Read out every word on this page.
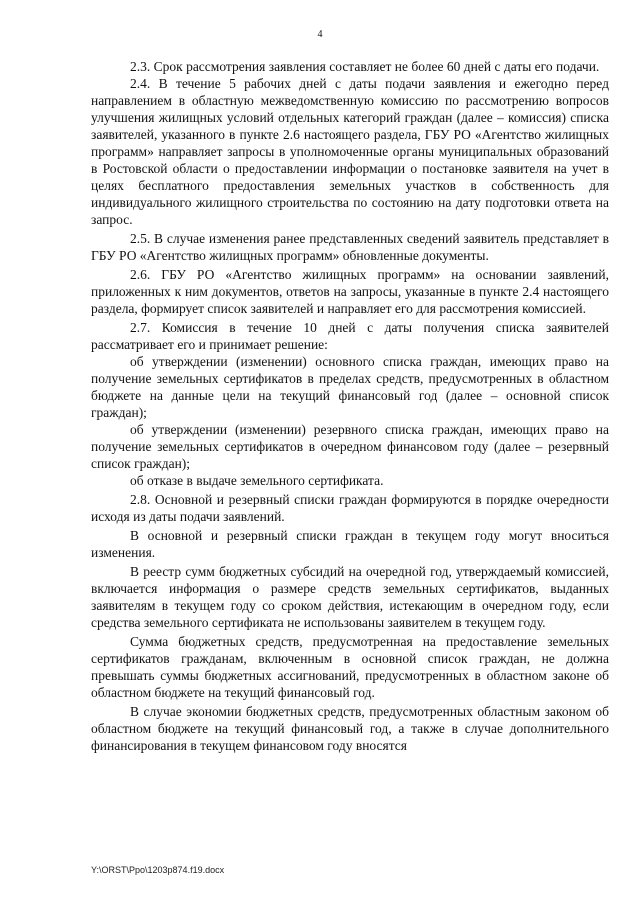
4

2.3. Срок рассмотрения заявления составляет не более 60 дней с даты его подачи.

2.4. В течение 5 рабочих дней с даты подачи заявления и ежегодно перед направлением в областную межведомственную комиссию по рассмотрению вопросов улучшения жилищных условий отдельных категорий граждан (далее – комиссия) списка заявителей, указанного в пункте 2.6 настоящего раздела, ГБУ РО «Агентство жилищных программ» направляет запросы в уполномоченные органы муниципальных образований в Ростовской области о предоставлении информации о постановке заявителя на учет в целях бесплатного предоставления земельных участков в собственность для индивидуального жилищного строительства по состоянию на дату подготовки ответа на запрос.

2.5. В случае изменения ранее представленных сведений заявитель представляет в ГБУ РО «Агентство жилищных программ» обновленные документы.

2.6. ГБУ РО «Агентство жилищных программ» на основании заявлений, приложенных к ним документов, ответов на запросы, указанные в пункте 2.4 настоящего раздела, формирует список заявителей и направляет его для рассмотрения комиссией.

2.7. Комиссия в течение 10 дней с даты получения списка заявителей рассматривает его и принимает решение:

об утверждении (изменении) основного списка граждан, имеющих право на получение земельных сертификатов в пределах средств, предусмотренных в областном бюджете на данные цели на текущий финансовый год (далее – основной список граждан);

об утверждении (изменении) резервного списка граждан, имеющих право на получение земельных сертификатов в очередном финансовом году (далее – резервный список граждан);

об отказе в выдаче земельного сертификата.

2.8. Основной и резервный списки граждан формируются в порядке очередности исходя из даты подачи заявлений.

В основной и резервный списки граждан в текущем году могут вноситься изменения.

В реестр сумм бюджетных субсидий на очередной год, утверждаемый комиссией, включается информация о размере средств земельных сертификатов, выданных заявителям в текущем году со сроком действия, истекающим в очередном году, если средства земельного сертификата не использованы заявителем в текущем году.

Сумма бюджетных средств, предусмотренная на предоставление земельных сертификатов гражданам, включенным в основной список граждан, не должна превышать суммы бюджетных ассигнований, предусмотренных в областном законе об областном бюджете на текущий финансовый год.

В случае экономии бюджетных средств, предусмотренных областным законом об областном бюджете на текущий финансовый год, а также в случае дополнительного финансирования в текущем финансовом году вносятся

Y:\ORST\Ppo\1203p874.f19.docx
